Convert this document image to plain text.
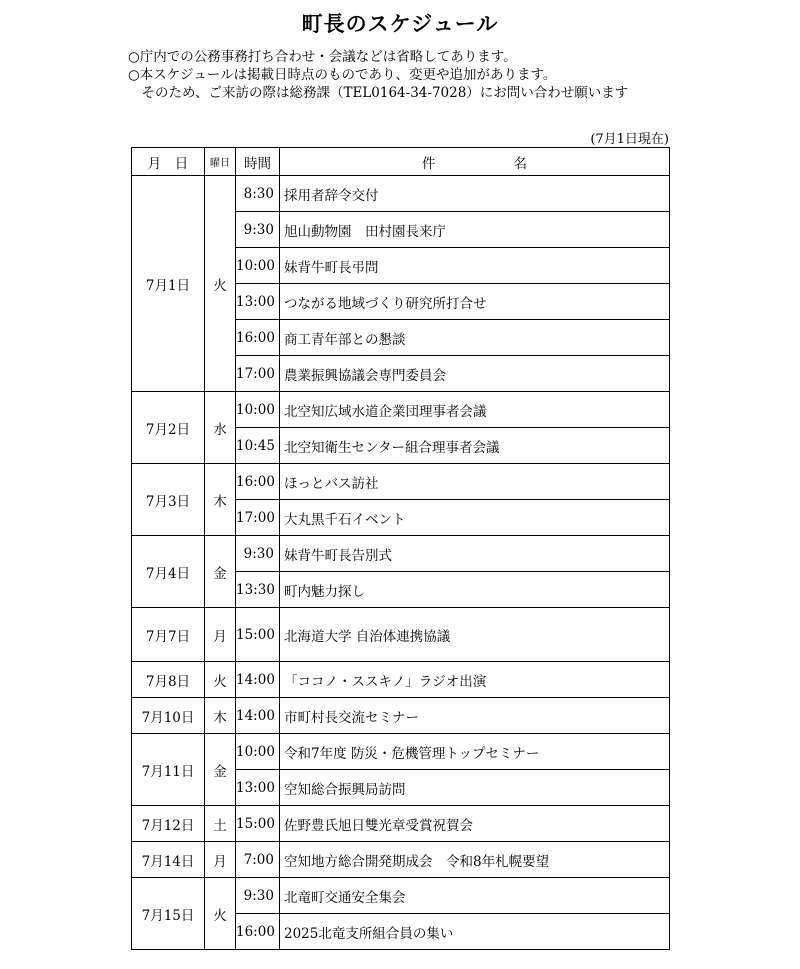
町長のスケジュール
○庁内での公務事務打ち合わせ・会議などは省略してあります。
○本スケジュールは掲載日時点のものであり、変更や追加があります。
　そのため、ご来訪の際は総務課（TEL0164-34-7028）にお問い合わせ願います
(7月1日現在)
月　日	曜日	時間	件 名
7月1日	火	8:30	採用者辞令交付
		9:30	旭山動物園　田村園長来庁
		10:00	妹背牛町長弔問
		13:00	つながる地域づくり研究所打合せ
		16:00	商工青年部との懇談
		17:00	農業振興協議会専門委員会
7月2日	水	10:00	北空知広域水道企業団理事者会議
		10:45	北空知衛生センター組合理事者会議
7月3日	木	16:00	ほっとバス訪社
		17:00	大丸黒千石イベント
7月4日	金	9:30	妹背牛町長告別式
		13:30	町内魅力探し
7月7日	月	15:00	北海道大学 自治体連携協議
7月8日	火	14:00	「ココノ・ススキノ」ラジオ出演
7月10日	木	14:00	市町村長交流セミナー
7月11日	金	10:00	令和7年度 防災・危機管理トップセミナー
		13:00	空知総合振興局訪問
7月12日	土	15:00	佐野豊氏旭日雙光章受賞祝賀会
7月14日	月	7:00	空知地方総合開発期成会　令和8年札幌要望
7月15日	火	9:30	北竜町交通安全集会
		16:00	2025北竜支所組合員の集い
